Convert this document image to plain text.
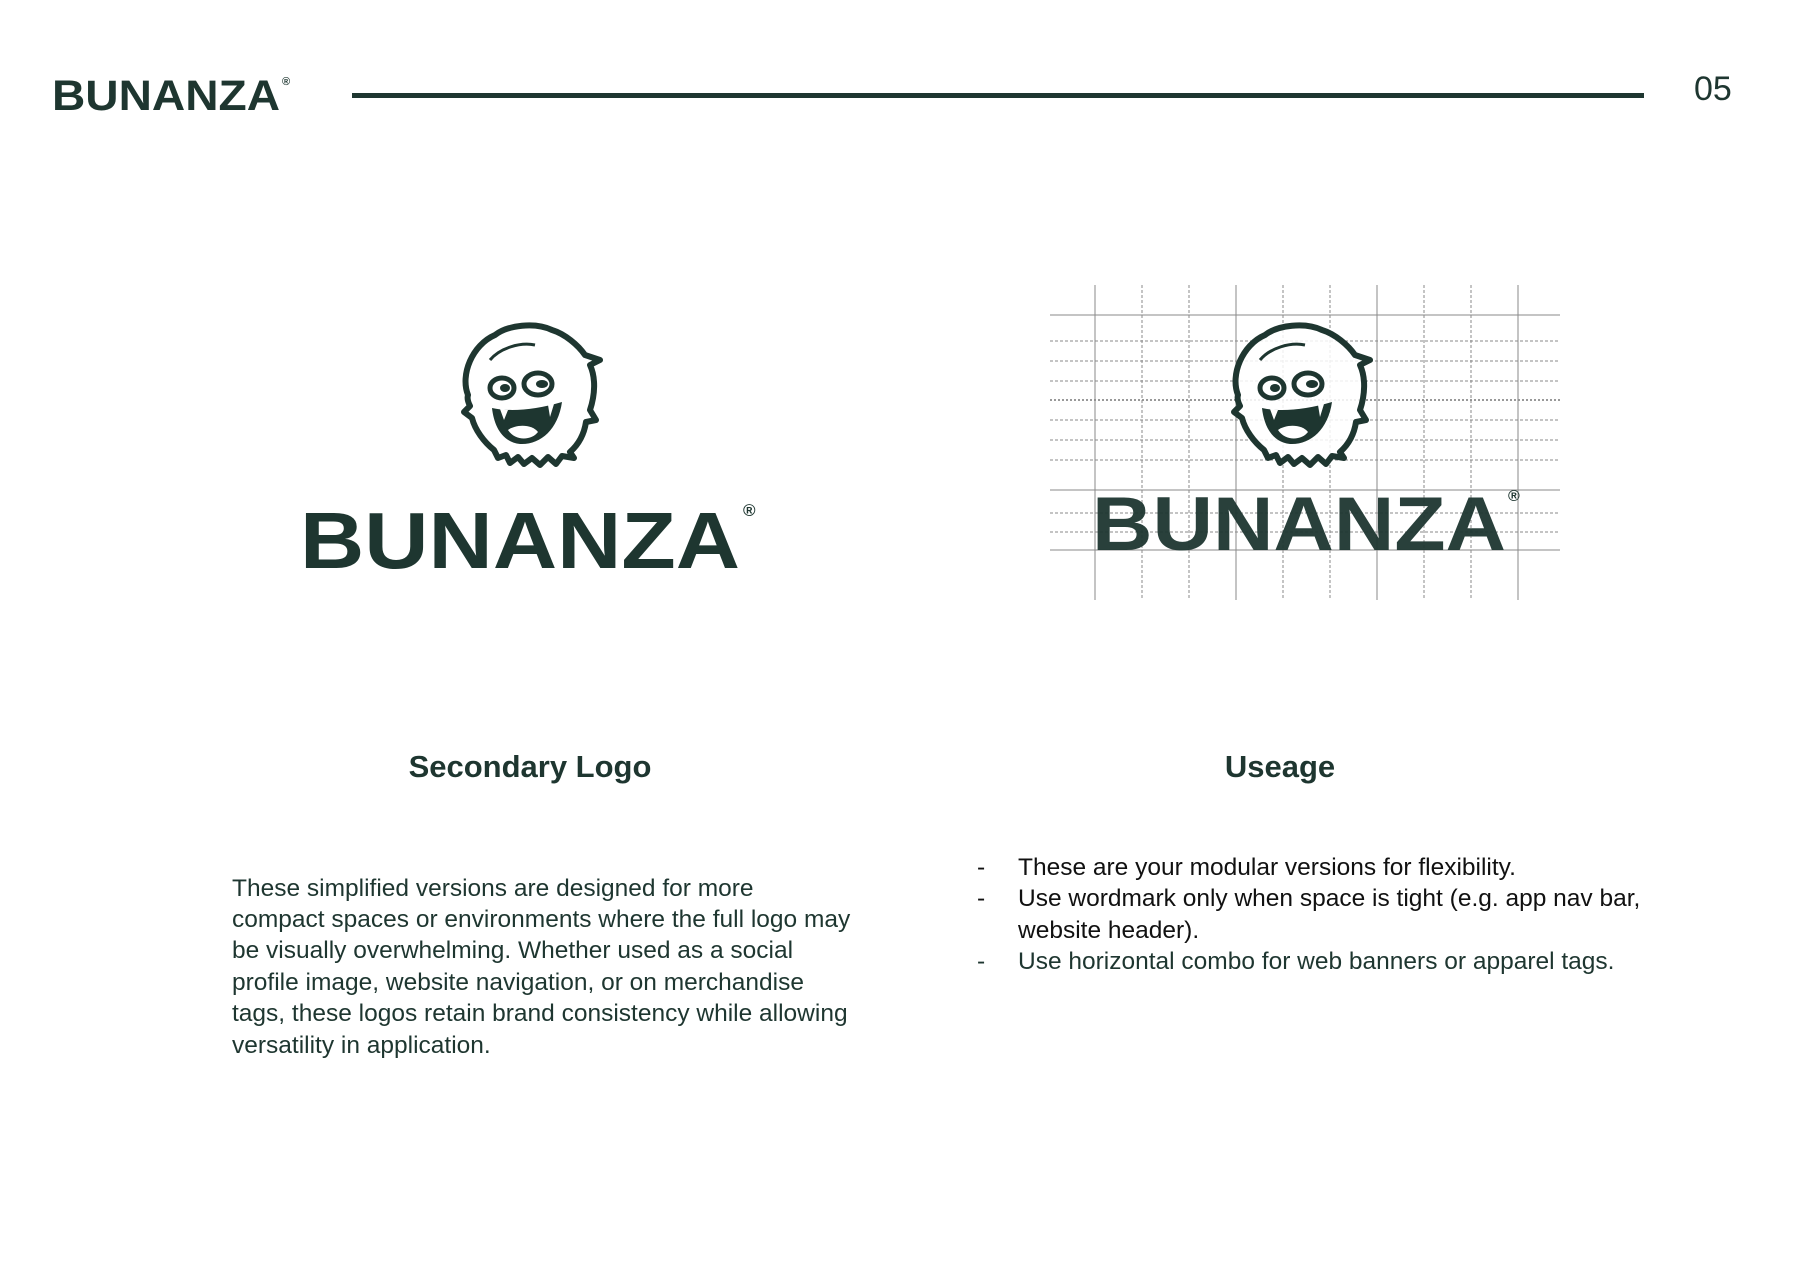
BUNANZA ®	05
BUNANZA ®	BUNANZA ®
Secondary Logo	Useage

These simplified versions are designed for more compact spaces or environments where the full logo may be visually overwhelming. Whether used as a social profile image, website navigation, or on merchandise tags, these logos retain brand consistency while allowing versatility in application.

- These are your modular versions for flexibility.
- Use wordmark only when space is tight (e.g. app nav bar, website header).
- Use horizontal combo for web banners or apparel tags.
